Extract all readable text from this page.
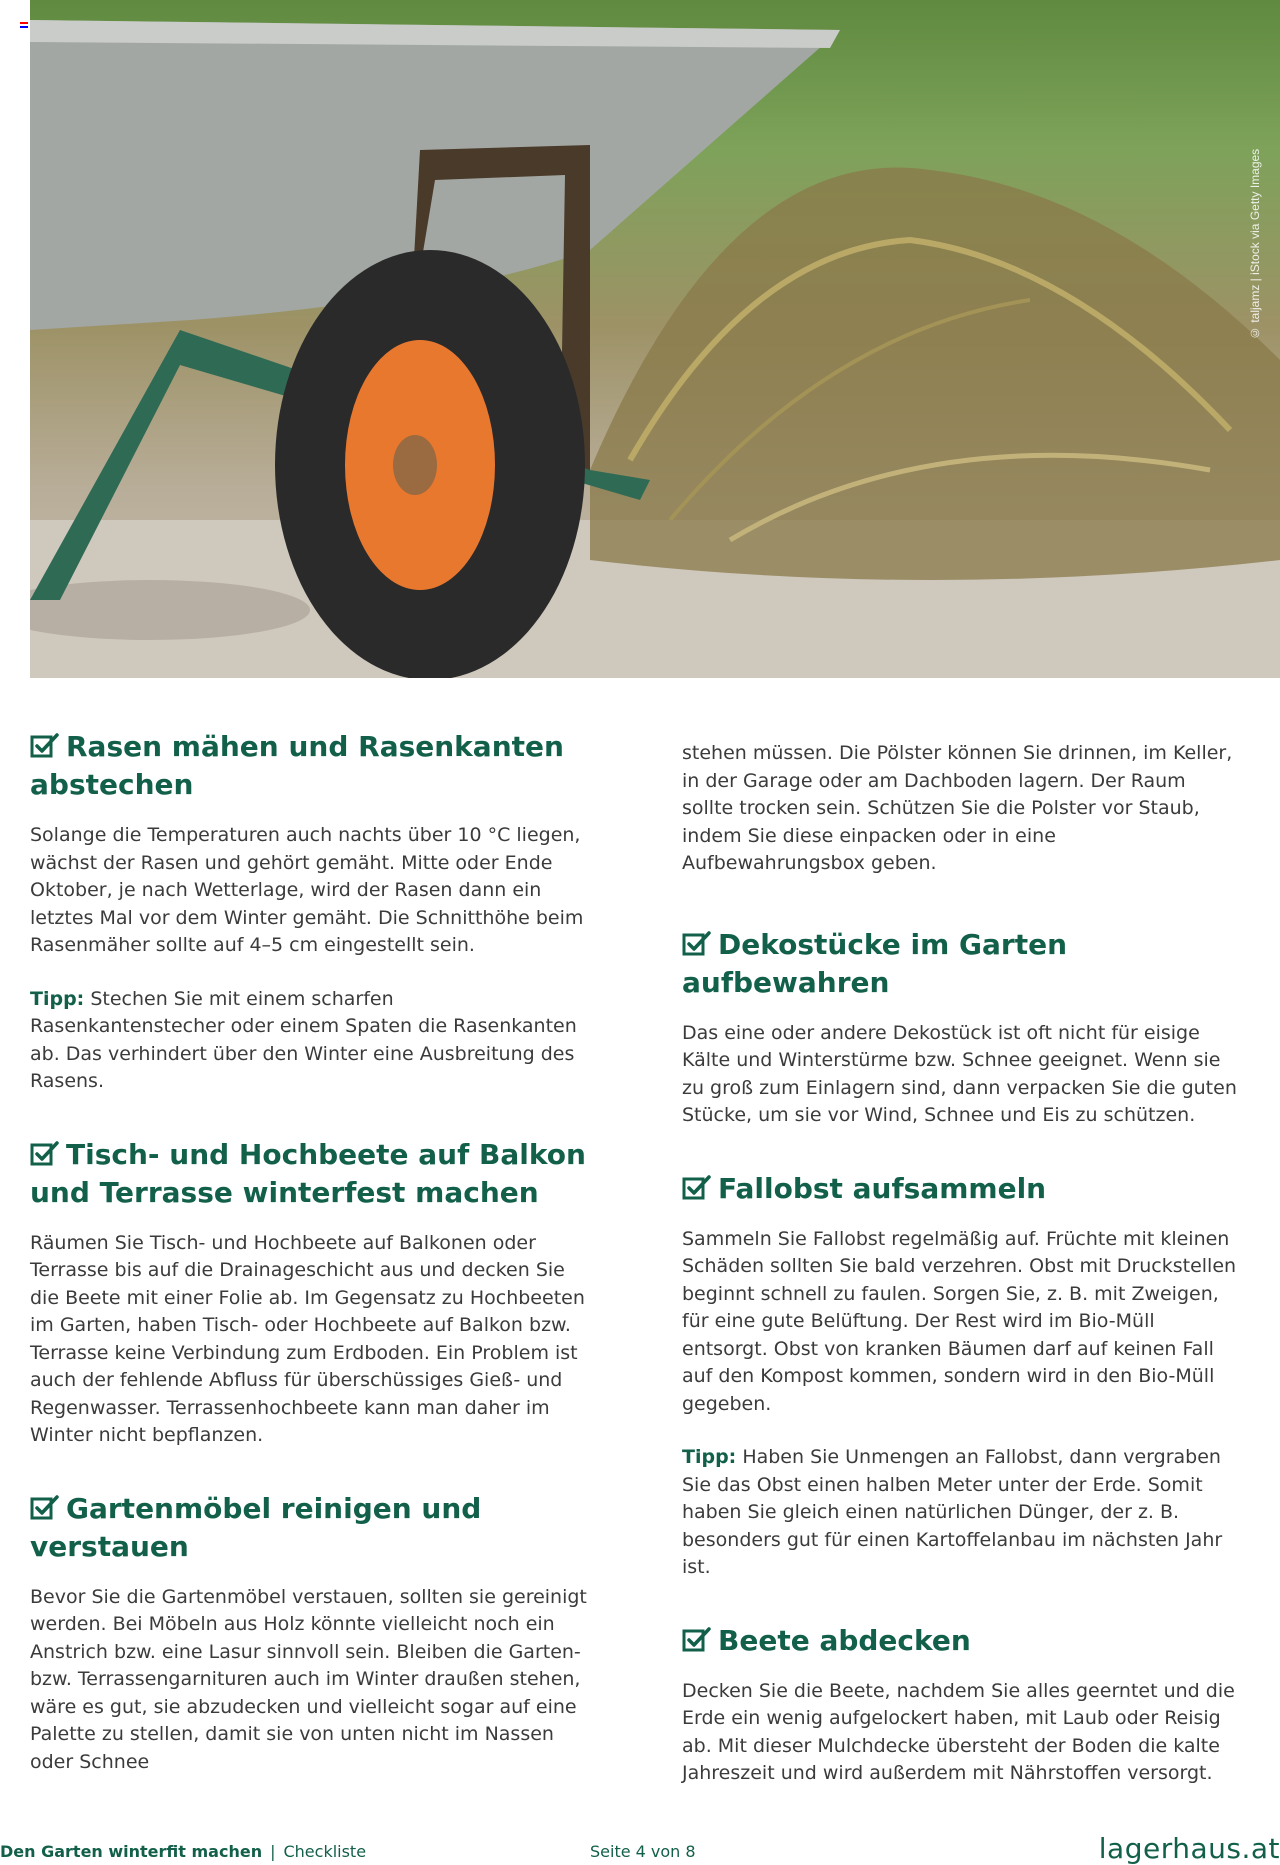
© taljamz | iStock via Getty Images
Rasen mähen und Rasenkanten abstechen

Solange die Temperaturen auch nachts über 10 °C liegen, wächst der Rasen und gehört gemäht. Mitte oder Ende Oktober, je nach Wetterlage, wird der Rasen dann ein letztes Mal vor dem Winter gemäht. Die Schnitthöhe beim Rasenmäher sollte auf 4–5 cm eingestellt sein.

Tipp: Stechen Sie mit einem scharfen Rasenkantenstecher oder einem Spaten die Rasenkanten ab. Das verhindert über den Winter eine Ausbreitung des Rasens.

Tisch- und Hochbeete auf Balkon und Terrasse winterfest machen

Räumen Sie Tisch- und Hochbeete auf Balkonen oder Terrasse bis auf die Drainageschicht aus und decken Sie die Beete mit einer Folie ab. Im Gegensatz zu Hochbeeten im Garten, haben Tisch- oder Hochbeete auf Balkon bzw. Terrasse keine Verbindung zum Erdboden. Ein Problem ist auch der fehlende Abfluss für überschüssiges Gieß- und Regenwasser. Terrassenhochbeete kann man daher im Winter nicht bepflanzen.

Gartenmöbel reinigen und verstauen

Bevor Sie die Gartenmöbel verstauen, sollten sie gereinigt werden. Bei Möbeln aus Holz könnte vielleicht noch ein Anstrich bzw. eine Lasur sinnvoll sein. Bleiben die Garten- bzw. Terrassengarnituren auch im Winter draußen stehen, wäre es gut, sie abzudecken und vielleicht sogar auf eine Palette zu stellen, damit sie von unten nicht im Nassen oder Schnee

stehen müssen. Die Pölster können Sie drinnen, im Keller, in der Garage oder am Dachboden lagern. Der Raum sollte trocken sein. Schützen Sie die Polster vor Staub, indem Sie diese einpacken oder in eine Aufbewahrungsbox geben.

Dekostücke im Garten aufbewahren

Das eine oder andere Dekostück ist oft nicht für eisige Kälte und Winterstürme bzw. Schnee geeignet. Wenn sie zu groß zum Einlagern sind, dann verpacken Sie die guten Stücke, um sie vor Wind, Schnee und Eis zu schützen.

Fallobst aufsammeln

Sammeln Sie Fallobst regelmäßig auf. Früchte mit kleinen Schäden sollten Sie bald verzehren. Obst mit Druckstellen beginnt schnell zu faulen. Sorgen Sie, z. B. mit Zweigen, für eine gute Belüftung. Der Rest wird im Bio-Müll entsorgt. Obst von kranken Bäumen darf auf keinen Fall auf den Kompost kommen, sondern wird in den Bio-Müll gegeben.

Tipp: Haben Sie Unmengen an Fallobst, dann vergraben Sie das Obst einen halben Meter unter der Erde. Somit haben Sie gleich einen natürlichen Dünger, der z. B. besonders gut für einen Kartoffelanbau im nächsten Jahr ist.

Beete abdecken

Decken Sie die Beete, nachdem Sie alles geerntet und die Erde ein wenig aufgelockert haben, mit Laub oder Reisig ab. Mit dieser Mulchdecke übersteht der Boden die kalte Jahreszeit und wird außerdem mit Nährstoffen versorgt.

Den Garten winterfit machen | Checkliste	Seite 4 von 8	lagerhaus.at
